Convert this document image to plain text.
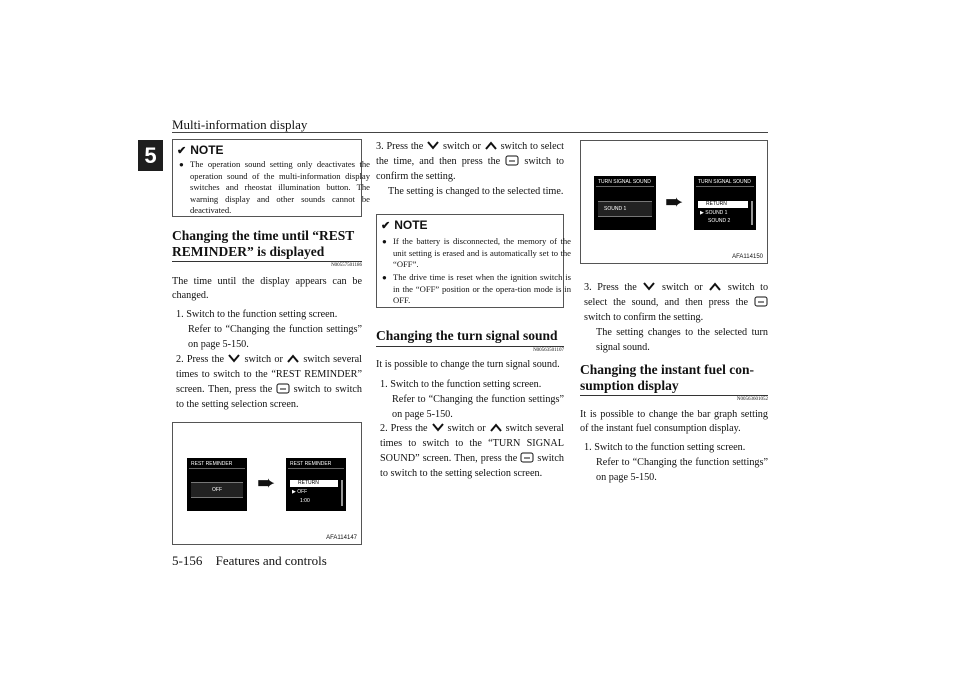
Multi-information display
5	✔ NOTE
● The operation sound setting only deactivates the operation sound of the multi-information display switches and rheostat illumination button. The warning display and other sounds cannot be deactivated.
Changing the time until “REST
REMINDER” is displayed
N00557501186
The time until the display appears can be changed.
1. Switch to the function setting screen.
Refer to “Changing the function settings” on page 5-150.
2. Press the switch or switch several times to switch to the “REST REMINDER” screen. Then, press the switch to switch to the setting selection screen.
REST REMINDER
OFF	➨
REST REMINDER
RETURN
▶ OFF
1:00
AFA114147
3. Press the switch or switch to select the time, and then press the switch to confirm the setting.
The setting is changed to the selected time.
✔ NOTE
● If the battery is disconnected, the memory of the unit setting is erased and is automatically set to the “OFF”.
● The drive time is reset when the ignition switch is in the “OFF” position or the opera-tion mode is in OFF.
Changing the turn signal sound
N00563501107
It is possible to change the turn signal sound.
1. Switch to the function setting screen.
Refer to “Changing the function settings” on page 5-150.
2. Press the switch or switch several times to switch to the “TURN SIGNAL SOUND” screen. Then, press the switch to switch to the setting selection screen.
TURN SIGNAL SOUND
SOUND 1	➨
TURN SIGNAL SOUND
RETURN
▶ SOUND 1
SOUND 2
AFA114150
3. Press the switch or switch to select the sound, and then press the  switch to confirm the setting.
The setting changes to the selected turn signal sound.
Changing the instant fuel con-
sumption display
N00563601052
It is possible to change the bar graph setting of the instant fuel consumption display.
1. Switch to the function setting screen.
Refer to “Changing the function settings” on page 5-150.
5-156 Features and controls
